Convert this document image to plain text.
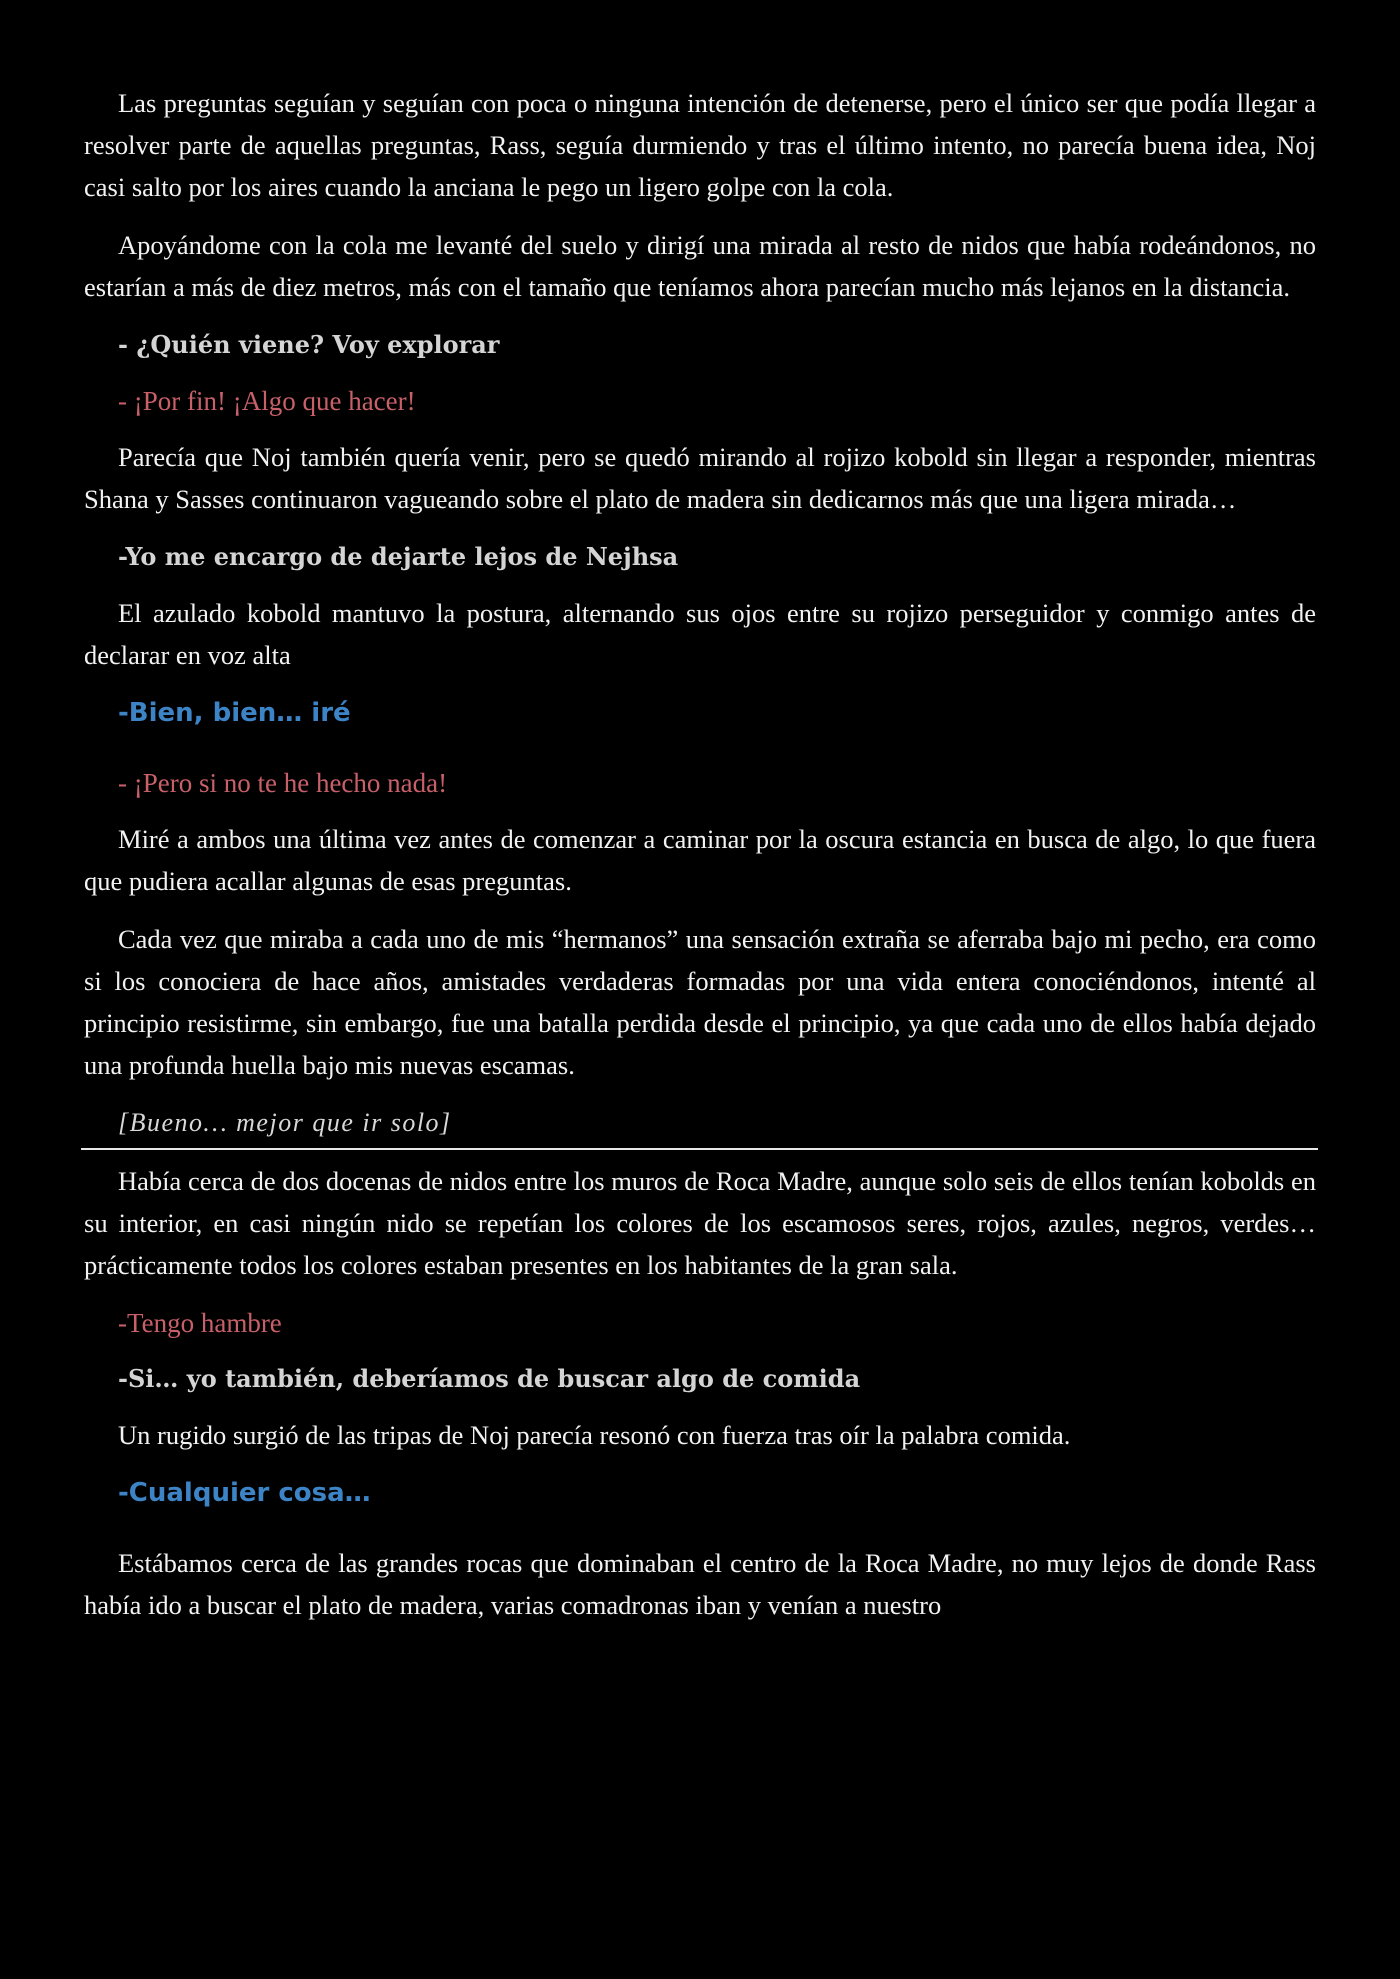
Las preguntas seguían y seguían con poca o ninguna intención de detenerse, pero el único ser que podía llegar a resolver parte de aquellas preguntas, Rass, seguía durmiendo y tras el último intento, no parecía buena idea, Noj casi salto por los aires cuando la anciana le pego un ligero golpe con la cola.

Apoyándome con la cola me levanté del suelo y dirigí una mirada al resto de nidos que había rodeándonos, no estarían a más de diez metros, más con el tamaño que teníamos ahora parecían mucho más lejanos en la distancia.

- ¿Quién viene? Voy explorar

- ¡Por fin! ¡Algo que hacer!

Parecía que Noj también quería venir, pero se quedó mirando al rojizo kobold sin llegar a responder, mientras Shana y Sasses continuaron vagueando sobre el plato de madera sin dedicarnos más que una ligera mirada…

-Yo me encargo de dejarte lejos de Nejhsa

El azulado kobold mantuvo la postura, alternando sus ojos entre su rojizo perseguidor y conmigo antes de declarar en voz alta

-Bien, bien… iré

- ¡Pero si no te he hecho nada!

Miré a ambos una última vez antes de comenzar a caminar por la oscura estancia en busca de algo, lo que fuera que pudiera acallar algunas de esas preguntas.

Cada vez que miraba a cada uno de mis “hermanos” una sensación extraña se aferraba bajo mi pecho, era como si los conociera de hace años, amistades verdaderas formadas por una vida entera conociéndonos, intenté al principio resistirme, sin embargo, fue una batalla perdida desde el principio, ya que cada uno de ellos había dejado una profunda huella bajo mis nuevas escamas.

[Bueno… mejor que ir solo]

Había cerca de dos docenas de nidos entre los muros de Roca Madre, aunque solo seis de ellos tenían kobolds en su interior, en casi ningún nido se repetían los colores de los escamosos seres, rojos, azules, negros, verdes… prácticamente todos los colores estaban presentes en los habitantes de la gran sala.

-Tengo hambre

-Si… yo también, deberíamos de buscar algo de comida

Un rugido surgió de las tripas de Noj parecía resonó con fuerza tras oír la palabra comida.

-Cualquier cosa…

Estábamos cerca de las grandes rocas que dominaban el centro de la Roca Madre, no muy lejos de donde Rass había ido a buscar el plato de madera, varias comadronas iban y venían a nuestro
